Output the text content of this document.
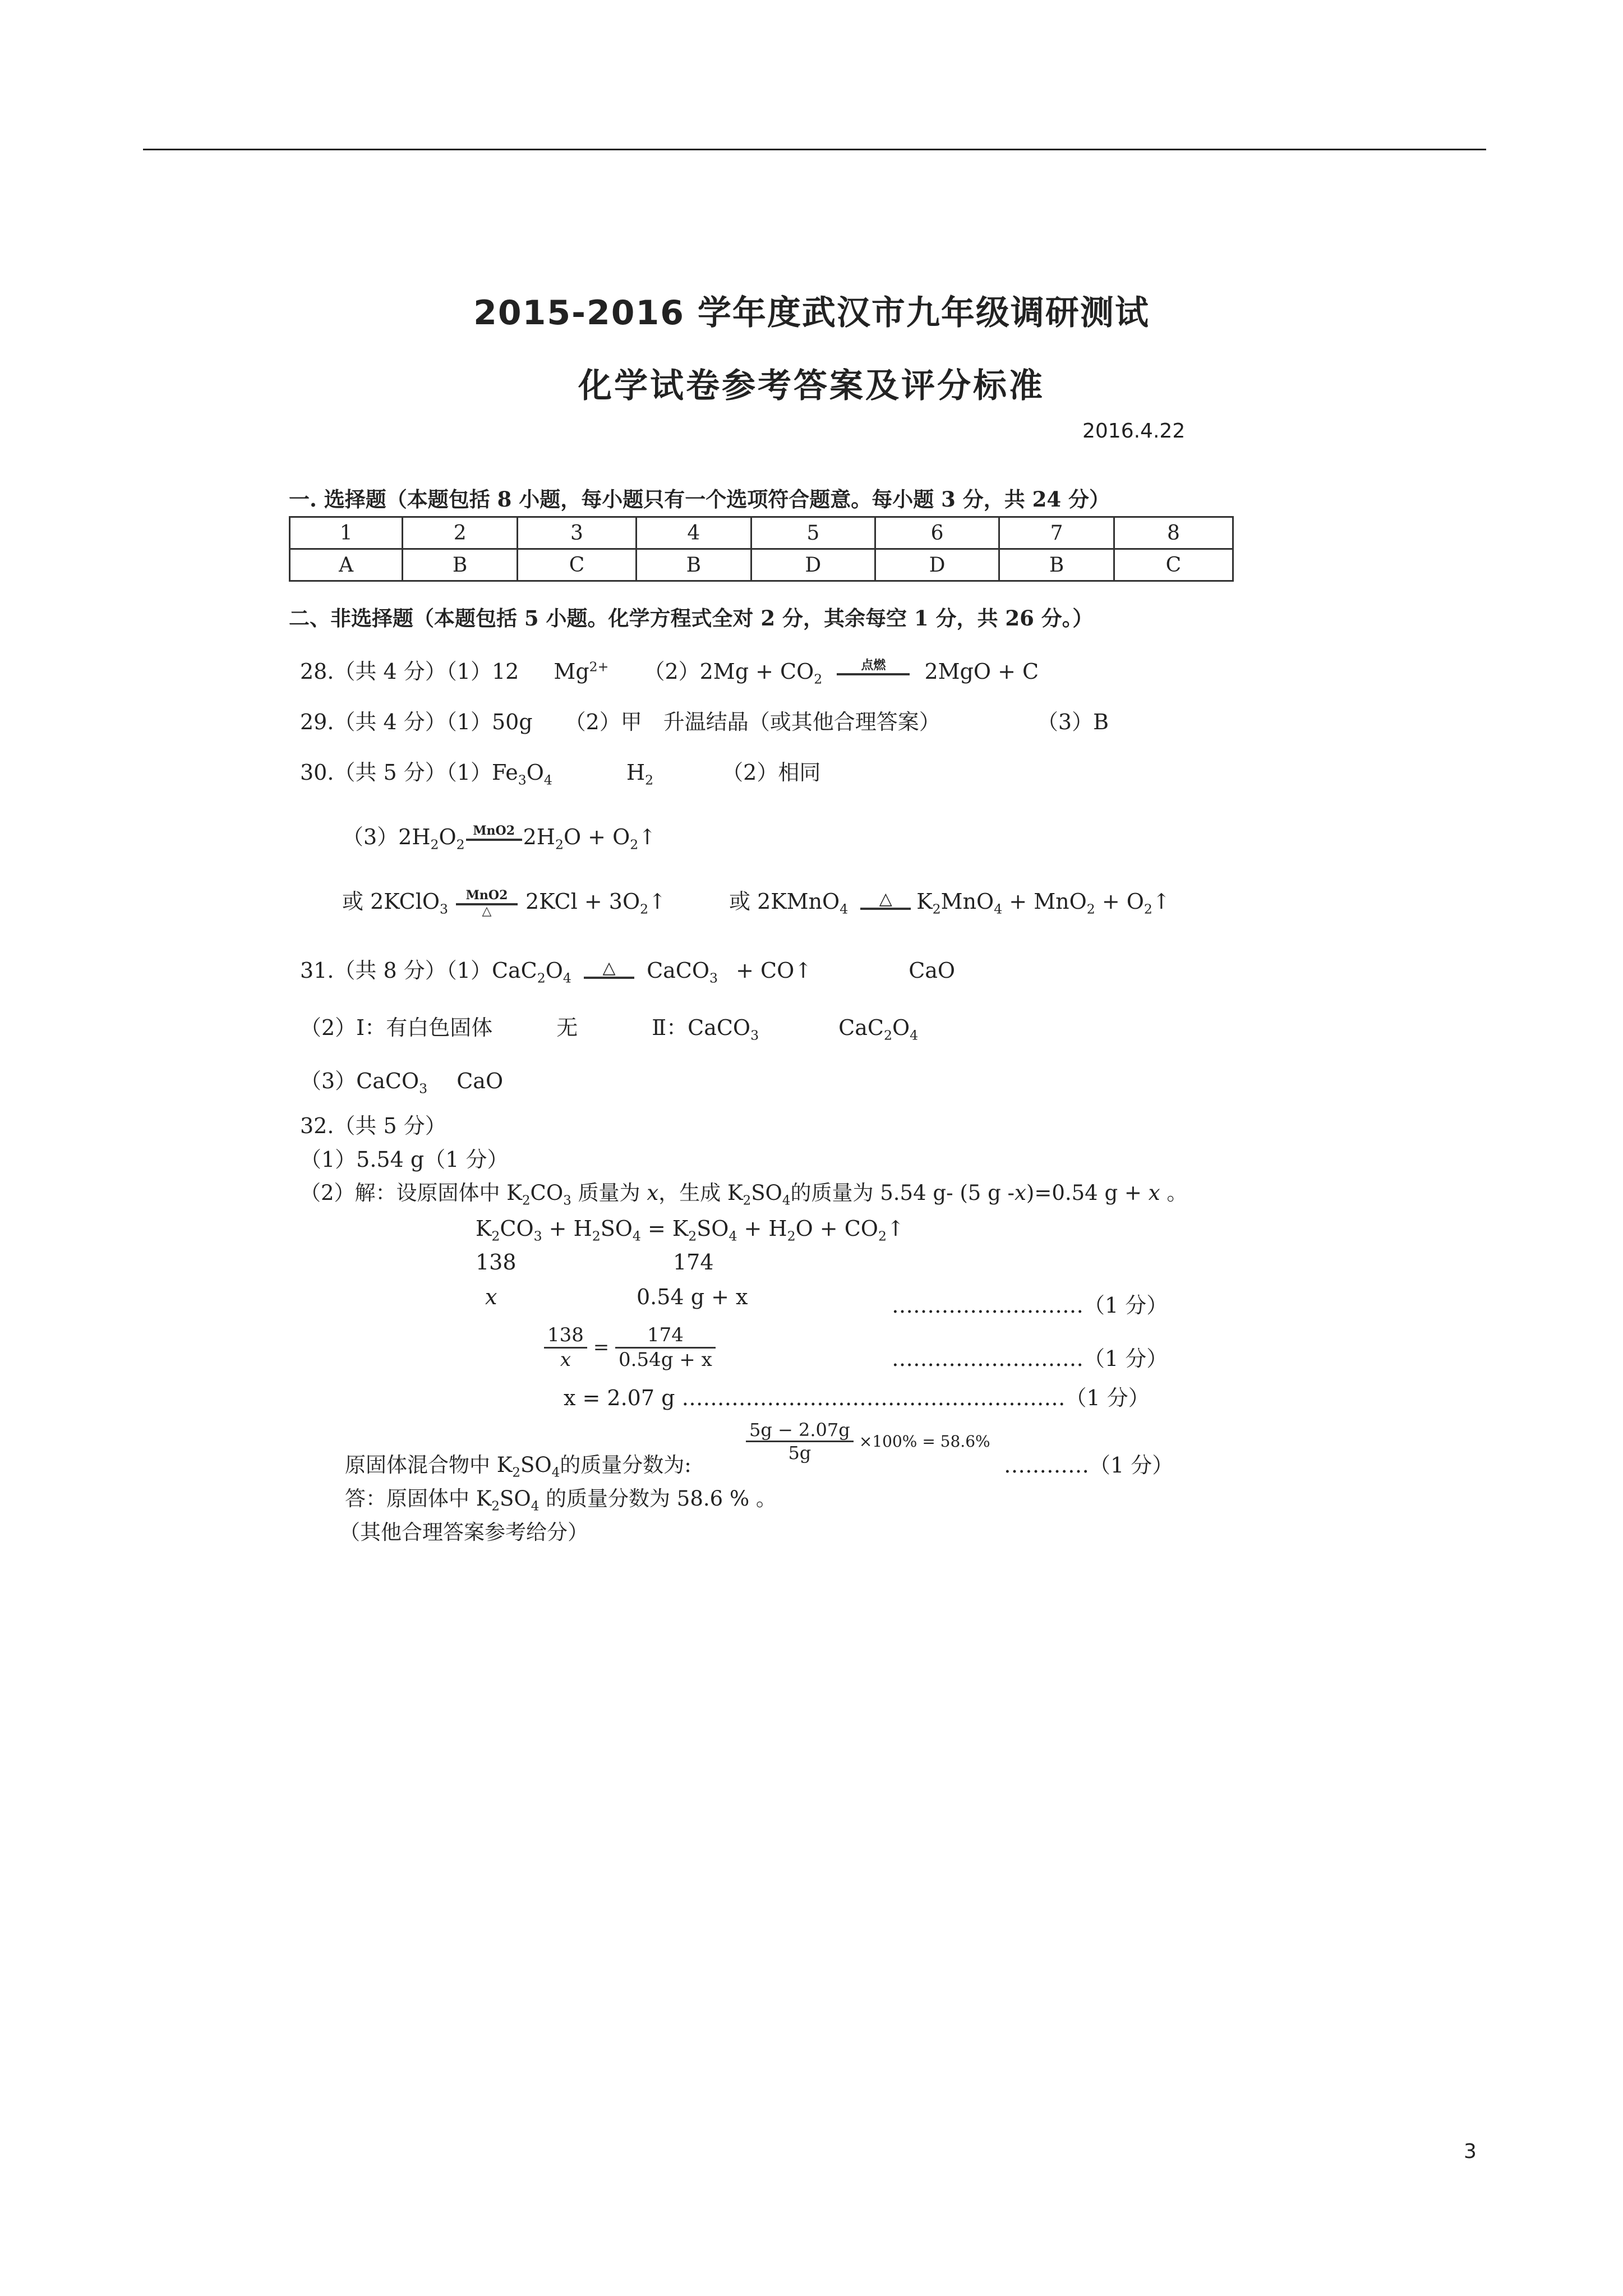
2015-2016 学年度武汉市九年级调研测试
化学试卷参考答案及评分标准
2016.4.22
一. 选择题（本题包括 8 小题，每小题只有一个选项符合题意。每小题 3 分，共 24 分）
1	2	3	4	5	6	7	8
A	B	C	B	D	D	B	C
二、非选择题（本题包括 5 小题。化学方程式全对 2 分，其余每空 1 分，共 26 分。）
28.（共 4 分）（1）12 $Mg^{2+}$ $(2)2Mg + CO_2$
点燃	2MgO + C
29.（共 4 分）（1）50g　　（2）甲　升温结晶（或其他合理答案）	（3）B
30.（共 5 分）$(1)Fe_3O_4$	$H_2$	（2）相同
$(3)2H_2O_2$
MnO2 $2H_2O$ + $O_2↑$
或 2KClO$_3$
MnO2
△	$2KCl + 3O_2↑$	或 2KMnO$_4$
△	$K_2MnO_4 + MnO_2$ + $O_2↑$
31.（共 8 分）$(1)CaC_2O_4$
△	CaCO$_3$ + CO↑	CaO
（2）Ⅰ：有白色固体　　　无	Ⅱ：CaCO$_3$	$CaC_2O_4$
（3）CaCO$_3$ CaO
32.（共 5 分）
（1）5.54 g（1 分）
（2）解：设原固体中 $K_2CO_3$ 质量为 x，生成 $K_2SO_4$的质量为 5.54 g- (5 g -x)=0.54 g + x 。
$K_2CO_3 + H_2SO_4 = K_2SO_4 + H_2O$ + $CO_2↑$
138	174
x	0.54 g + x	………………………（1 分）
$\frac{138}{x} = \frac{174}{0.54g + x}$	………………………（1 分）
x = 2.07 g ………………………………………………（1 分）
$\frac{5g - 2.07g}{5g} \times 100\% = 58.6\%$
原固体混合物中 $K_2SO_4$的质量分数为:	…………（1 分）
答：原固体中 $K_2SO_4$ 的质量分数为 58.6 % 。
（其他合理答案参考给分）
3
